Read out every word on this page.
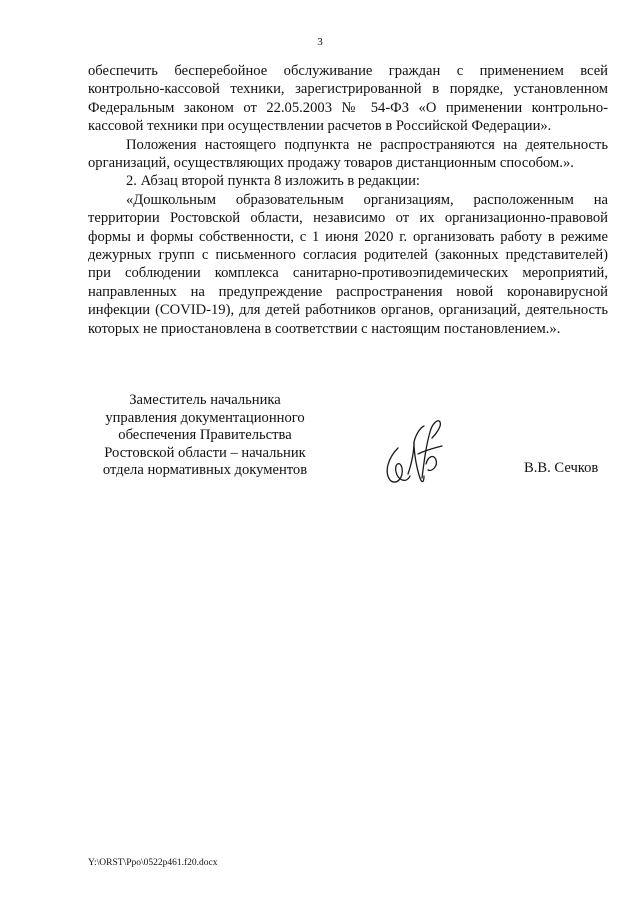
3

обеспечить бесперебойное обслуживание граждан с применением всей контрольно-кассовой техники, зарегистрированной в порядке, установленном Федеральным законом от 22.05.2003 № 54-ФЗ «О применении контрольно-кассовой техники при осуществлении расчетов в Российской Федерации».

Положения настоящего подпункта не распространяются на деятельность организаций, осуществляющих продажу товаров дистанционным способом.».

2. Абзац второй пункта 8 изложить в редакции:

«Дошкольным образовательным организациям, расположенным на территории Ростовской области, независимо от их организационно-правовой формы и формы собственности, с 1 июня 2020 г. организовать работу в режиме дежурных групп с письменного согласия родителей (законных представителей) при соблюдении комплекса санитарно-противоэпидемических мероприятий, направленных на предупреждение распространения новой коронавирусной инфекции (COVID-19), для детей работников органов, организаций, деятельность которых не приостановлена в соответствии с настоящим постановлением.».

Заместитель начальника
управления документационного
обеспечения Правительства
Ростовской области – начальник
отдела нормативных документов	В.В. Сечков
Y:\ORST\Ppo\0522p461.f20.docx
